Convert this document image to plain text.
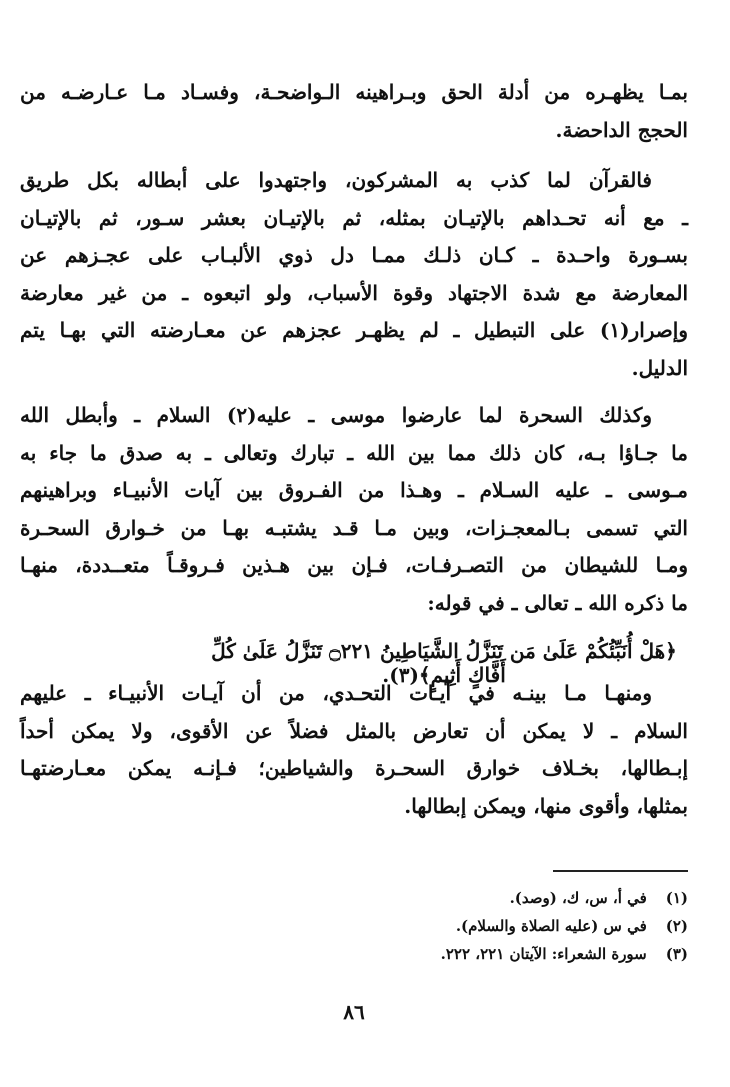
بمـا يظهـره من أدلة الحق وبـراهينه الـواضحـة، وفسـاد مـا عـارضـه من
الحجج الداحضة.

فالقرآن لما كذب به المشركون، واجتهدوا على أبطاله بكل طريق
ـ مع أنه تحـداهم بالإتيـان بمثله، ثم بالإتيـان بعشر سـور، ثم بالإتيـان
بسـورة واحـدة ـ كـان ذلـك ممـا دل ذوي الألبـاب على عجـزهم عن
المعارضة مع شدة الاجتهاد وقوة الأسباب، ولو اتبعوه ـ من غير معارضة
وإصرار(١) على التبطيل ـ لم يظهـر عجزهم عن معـارضته التي بهـا يتم
الدليل.

وكذلك السحرة لما عارضوا موسى ـ عليه(٢) السلام ـ وأبطل الله
ما جـاؤا بـه، كان ذلك مما بين الله ـ تبارك وتعالى ـ به صدق ما جاء به
مـوسى ـ عليه السـلام ـ وهـذا من الفـروق بين آيات الأنبيـاء وبراهينهم
التي تسمى بـالمعجـزات، وبين مـا قـد يشتبـه بهـا من خـوارق السحـرة
ومـا للشيطان من التصـرفـات، فـإن بين هـذين فـروقـاً متعــددة، منهـا
ما ذكره الله ـ تعالى ـ في قوله:

﴿هَلْ أُنَبِّئُكُمْ عَلَىٰ مَن تَنَزَّلُ الشَّيَاطِينُ ۝٢٢١ تَنَزَّلُ عَلَىٰ كُلِّ أَفَّاكٍ أَثِيمٍ﴾(٣).

ومنهـا مـا بينـه في آيـات التحـدي، من أن آيـات الأنبيـاء ـ عليهم
السلام ـ لا يمكن أن تعارض بالمثل فضلاً عن الأقوى، ولا يمكن أحداً
إبـطالها، بخـلاف خوارق السحـرة والشياطين؛ فـإنـه يمكن معـارضتهـا
بمثلها، وأقوى منها، ويمكن إبطالها.

(١) في أ، س، ك، (وصد).
(٢) في س (عليه الصلاة والسلام).
(٣) سورة الشعراء: الآيتان ٢٢١، ٢٢٢.
٨٦
